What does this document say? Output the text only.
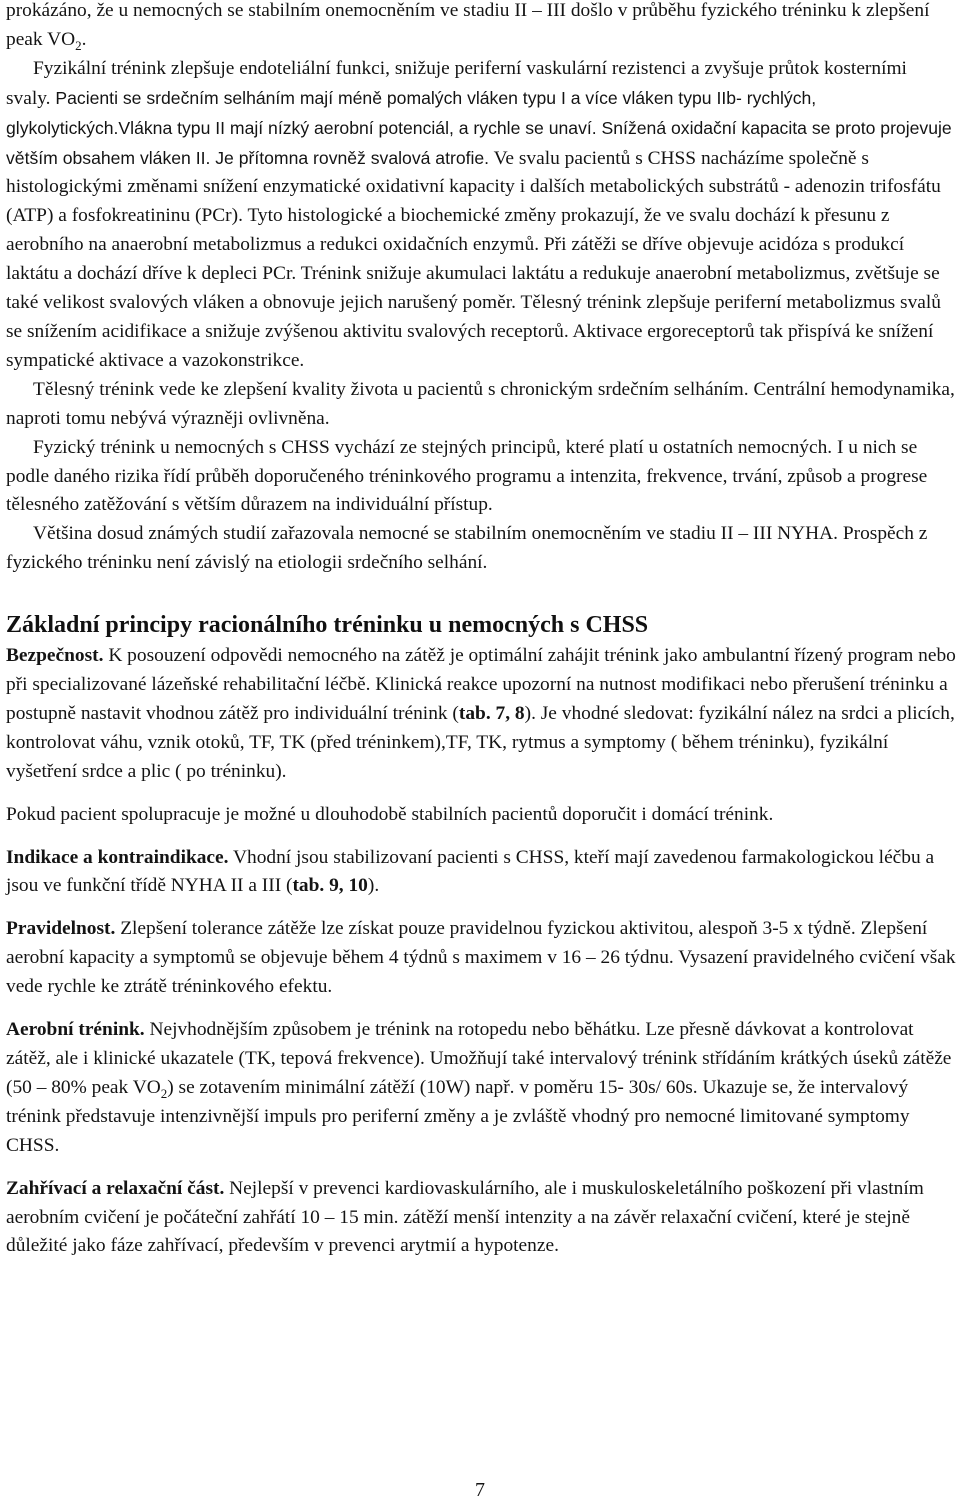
prokázáno, že u nemocných se stabilním onemocněním ve stadiu II – III došlo v průběhu fyzického tréninku k zlepšení peak $VO_2$.

Fyzikální trénink zlepšuje endoteliální funkci, snižuje periferní vaskulární rezistenci a zvyšuje průtok kosterními svaly. Pacienti se srdečním selháním mají méně pomalých vláken typu I a více vláken typu IIb- rychlých, glykolytických.Vlákna typu II mají nízký aerobní potenciál, a rychle se unaví. Snížená oxidační kapacita se proto projevuje větším obsahem vláken II. Je přítomna rovněž svalová atrofie. Ve svalu pacientů s CHSS nacházíme společně s histologickými změnami snížení enzymatické oxidativní kapacity i dalších metabolických substrátů - adenozin trifosfátu (ATP) a fosfokreatininu (PCr). Tyto histologické a biochemické změny prokazují, že ve svalu dochází k přesunu z aerobního na anaerobní metabolizmus a redukci oxidačních enzymů. Při zátěži se dříve objevuje acidóza s produkcí laktátu a dochází dříve k depleci PCr. Trénink snižuje akumulaci laktátu a redukuje anaerobní metabolizmus, zvětšuje se také velikost svalových vláken a obnovuje jejich narušený poměr. Tělesný trénink zlepšuje periferní metabolizmus svalů se snížením acidifikace a snižuje zvýšenou aktivitu svalových receptorů. Aktivace ergoreceptorů tak přispívá ke snížení sympatické aktivace a vazokonstrikce.

Tělesný trénink vede ke zlepšení kvality života u pacientů s chronickým srdečním selháním. Centrální hemodynamika, naproti tomu nebývá výrazněji ovlivněna.

Fyzický trénink u nemocných s CHSS vychází ze stejných principů, které platí u ostatních nemocných. I u nich se podle daného rizika řídí průběh doporučeného tréninkového programu a intenzita, frekvence, trvání, způsob a progrese tělesného zatěžování s větším důrazem na individuální přístup.

Většina dosud známých studií zařazovala nemocné se stabilním onemocněním ve stadiu II – III NYHA. Prospěch z fyzického tréninku není závislý na etiologii srdečního selhání.

Základní principy racionálního tréninku u nemocných s CHSS

Bezpečnost. K posouzení odpovědi nemocného na zátěž je optimální zahájit trénink jako ambulantní řízený program nebo při specializované lázeňské rehabilitační léčbě. Klinická reakce upozorní na nutnost modifikaci nebo přerušení tréninku a postupně nastavit vhodnou zátěž pro individuální trénink (tab. 7, 8). Je vhodné sledovat: fyzikální nález na srdci a plicích, kontrolovat váhu, vznik otoků, TF, TK (před tréninkem),TF, TK, rytmus a symptomy ( během tréninku), fyzikální vyšetření srdce a plic ( po tréninku).

Pokud pacient spolupracuje je možné u dlouhodobě stabilních pacientů doporučit i domácí trénink.

Indikace a kontraindikace. Vhodní jsou stabilizovaní pacienti s CHSS, kteří mají zavedenou farmakologickou léčbu a jsou ve funkční třídě NYHA II a III (tab. 9, 10).

Pravidelnost. Zlepšení tolerance zátěže lze získat pouze pravidelnou fyzickou aktivitou, alespoň 3-5 x týdně. Zlepšení aerobní kapacity a symptomů se objevuje během 4 týdnů s maximem v 16 – 26 týdnu. Vysazení pravidelného cvičení však vede rychle ke ztrátě tréninkového efektu.

Aerobní trénink. Nejvhodnějším způsobem je trénink na rotopedu nebo běhátku. Lze přesně dávkovat a kontrolovat zátěž, ale i klinické ukazatele (TK, tepová frekvence). Umožňují také intervalový trénink střídáním krátkých úseků zátěže (50 – 80% peak $VO_2$) se zotavením minimální zátěží (10W) např. v poměru 15- 30s/ 60s. Ukazuje se, že intervalový trénink představuje intenzivnější impuls pro periferní změny a je zvláště vhodný pro nemocné limitované symptomy CHSS.

Zahřívací a relaxační část. Nejlepší v prevenci kardiovaskulárního, ale i muskuloskeletálního poškození při vlastním aerobním cvičení je počáteční zahřátí 10 – 15 min. zátěží menší intenzity a na závěr relaxační cvičení, které je stejně důležité jako fáze zahřívací, především v prevenci arytmií a hypotenze.

7
